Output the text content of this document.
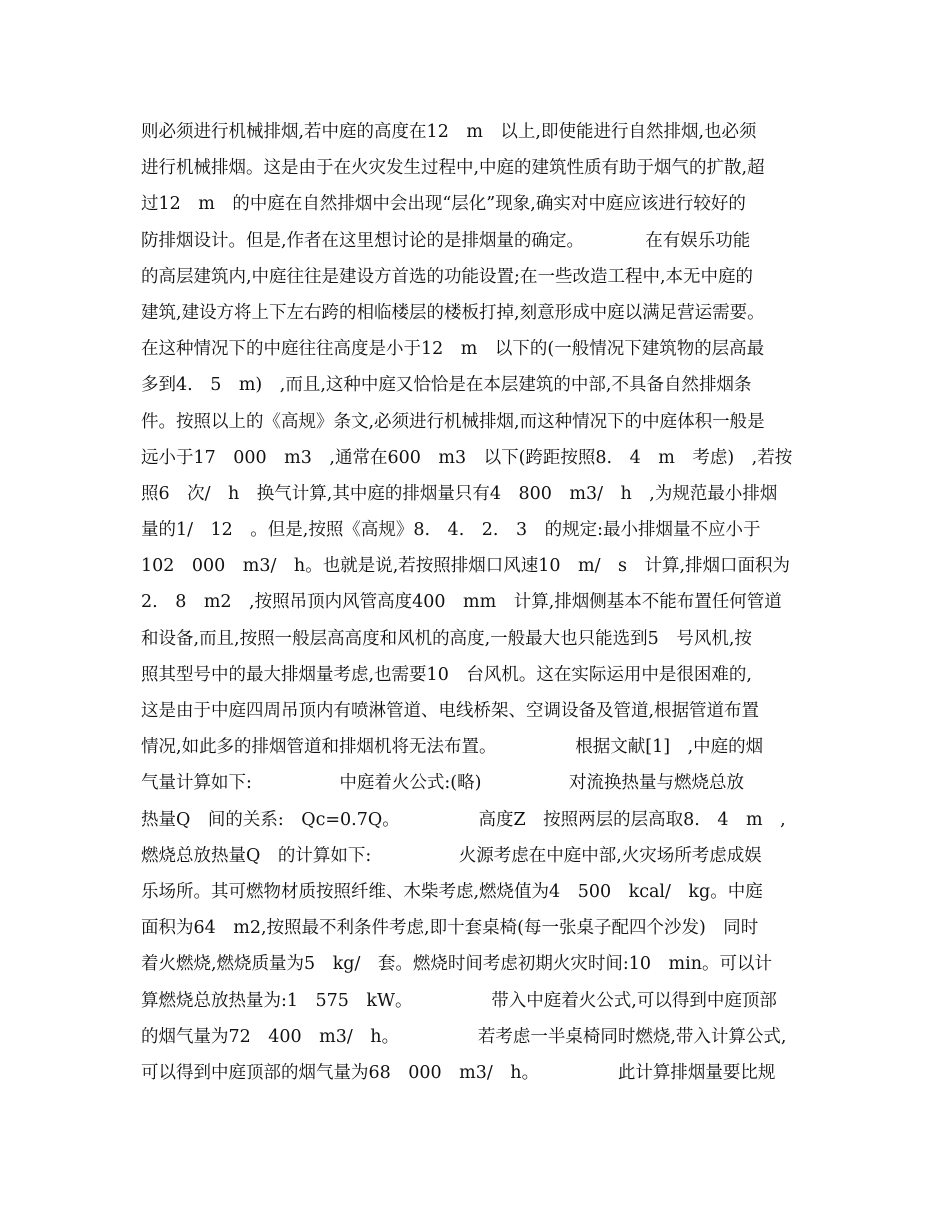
则必须进行机械排烟,若中庭的高度在12　m　以上,即使能进行自然排烟,也必须
进行机械排烟。这是由于在火灾发生过程中,中庭的建筑性质有助于烟气的扩散,超
过12　m　的中庭在自然排烟中会出现“层化”现象,确实对中庭应该进行较好的
防排烟设计。但是,作者在这里想讨论的是排烟量的确定。　　　　在有娱乐功能
的高层建筑内,中庭往往是建设方首选的功能设置;在一些改造工程中,本无中庭的
建筑,建设方将上下左右跨的相临楼层的楼板打掉,刻意形成中庭以满足营运需要。
在这种情况下的中庭往往高度是小于12　m　以下的(一般情况下建筑物的层高最
多到4.　5　m)　,而且,这种中庭又恰恰是在本层建筑的中部,不具备自然排烟条
件。按照以上的《高规》条文,必须进行机械排烟,而这种情况下的中庭体积一般是
远小于17　000　m3　,通常在600　m3　以下(跨距按照8.　4　m　考虑)　,若按
照6　次/　h　换气计算,其中庭的排烟量只有4　800　m3/　h　,为规范最小排烟
量的1/　12　。但是,按照《高规》8.　4.　2.　3　的规定:最小排烟量不应小于
102　000　m3/　h。也就是说,若按照排烟口风速10　m/　s　计算,排烟口面积为
2.　8　m2　,按照吊顶内风管高度400　mm　计算,排烟侧基本不能布置任何管道
和设备,而且,按照一般层高高度和风机的高度,一般最大也只能选到5　号风机,按
照其型号中的最大排烟量考虑,也需要10　台风机。这在实际运用中是很困难的,
这是由于中庭四周吊顶内有喷淋管道、电线桥架、空调设备及管道,根据管道布置
情况,如此多的排烟管道和排烟机将无法布置。　　　　　根据文献[1]　,中庭的烟
气量计算如下:　　　　　中庭着火公式:(略)　　　　　对流换热量与燃烧总放
热量Q　间的关系:　Qc=0.7Q。　　　　　高度Z　按照两层的层高取8.　4　m　,
燃烧总放热量Q　的计算如下:　　　　　火源考虑在中庭中部,火灾场所考虑成娱
乐场所。其可燃物材质按照纤维、木柴考虑,燃烧值为4　500　kcal/　kg。中庭
面积为64　m2,按照最不利条件考虑,即十套桌椅(每一张桌子配四个沙发)　同时
着火燃烧,燃烧质量为5　kg/　套。燃烧时间考虑初期火灾时间:10　min。可以计
算燃烧总放热量为:1　575　kW。　　　　　带入中庭着火公式,可以得到中庭顶部
的烟气量为72　400　m3/　h。　　　　　若考虑一半桌椅同时燃烧,带入计算公式,
可以得到中庭顶部的烟气量为68　000　m3/　h。　　　　　此计算排烟量要比规
